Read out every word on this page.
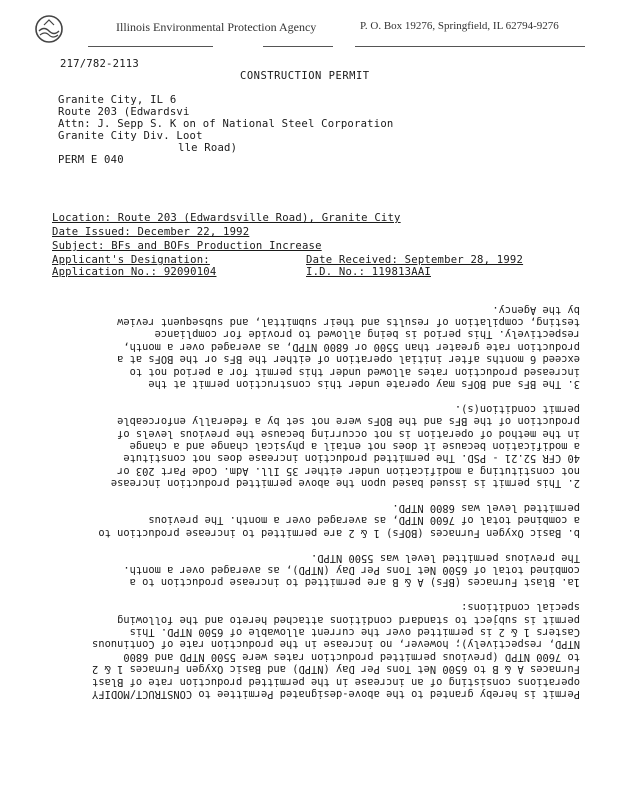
Illinois Environmental Protection Agency	P. O. Box 19276, Springfield, IL 62794-9276
217/782-2113
CONSTRUCTION PERMIT
Granite City, IL 6
Route 203 (Edwardsvi
Attn: J. Sepp S. K on of National Steel Corporation
Granite City Div. Loot
lle Road)
PERM E 040
Location: Route 203 (Edwardsville Road), Granite City
Date Issued: December 22, 1992
Subject: BFs and BOFs Production Increase
Applicant's Designation:	Date Received: September 28, 1992
Application No.: 92090104	I.D. No.: 119813AAI
Permit is hereby granted to the above-designated Permittee to CONSTRUCT/MODIFY
operations consisting of an increase in the permitted production rate of Blast
Furnaces A & B to 6500 Net Tons Per Day (NTPD) and Basic Oxygen Furnaces 1 & 2
to 7600 NTPD (previous permitted production rates were 5500 NTPD and 6800
NTPD, respectively); however, no increase in the production rate of Continuous
Casters 1 & 2 is permitted over the current allowable of 6500 NTPD. This
permit is subject to standard conditions attached hereto and the following
special conditions:
1a. Blast Furnaces (BFs) A & B are permitted to increase production to a
combined total of 6500 Net Tons Per Day (NTPD), as averaged over a month.
The previous permitted level was 5500 NTPD.
b. Basic Oxygen Furnaces (BOFs) 1 & 2 are permitted to increase production to
a combined total of 7600 NTPD, as averaged over a month. The previous
permitted level was 6800 NTPD.
2. This permit is issued based upon the above permitted production increase
not constituting a modification under either 35 Ill. Adm. Code Part 203 or
40 CFR 52.21 - PSD. The permitted production increase does not constitute
a modification because it does not entail a physical change and a change
in the method of operation is not occurring because the previous levels of
production of the BFs and the BOFs were not set by a federally enforceable
permit condition(s).
3. The BFs and BOFs may operate under this construction permit at the
increased production rates allowed under this permit for a period not to
exceed 6 months after initial operation of either the BFs or the BOFs at a
production rate greater than 5500 or 6800 NTPD, as averaged over a month,
respectively. This period is being allowed to provide for compliance
testing, compilation of results and their submittal, and subsequent review
by the Agency.
